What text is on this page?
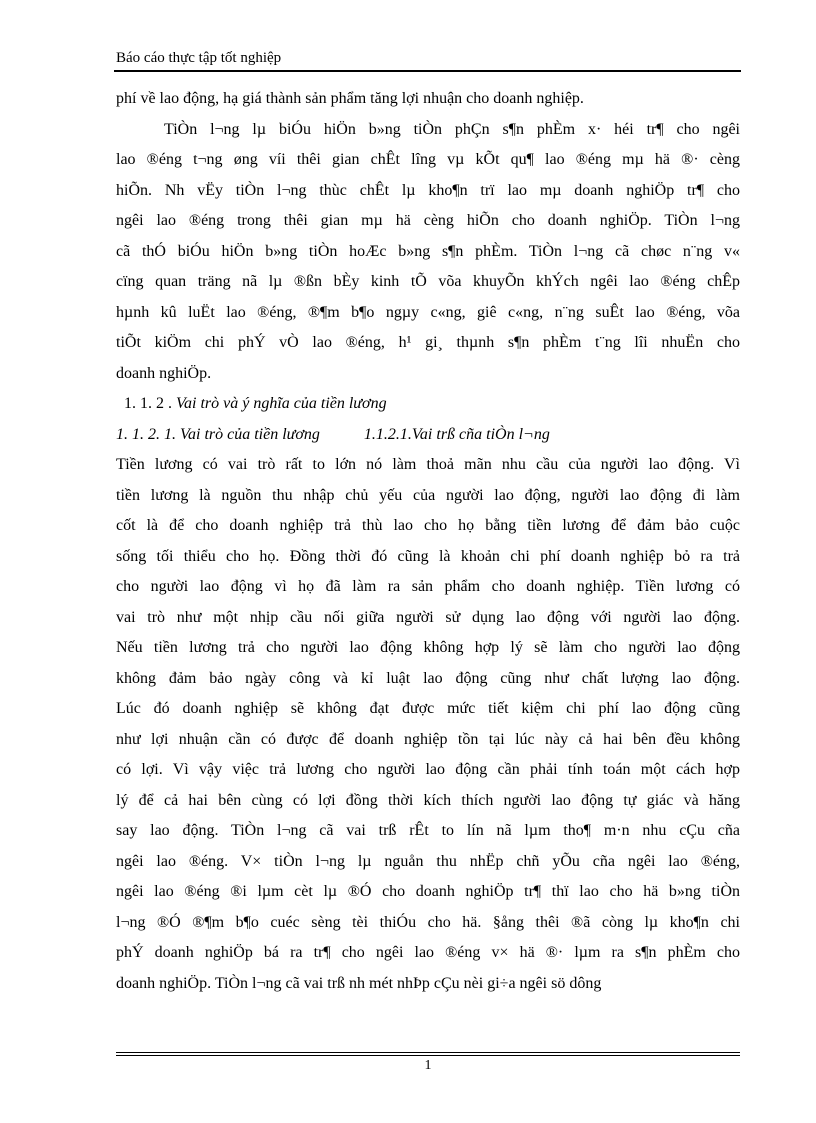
Báo cáo thực tập tốt nghiệp
phí về lao động, hạ giá thành sản phẩm tăng lợi nhuận cho doanh nghiệp.
TiÒn l¬ng lµ biÓu hiÖn b»ng tiÒn phÇn s¶n phÈm x· héi tr¶ cho ngêi
lao ®éng t¬ng øng víi thêi gian chÊt lîng vµ kÕt qu¶ lao ®éng mµ hä ®· cèng
hiÕn. Nh vËy tiÒn l¬ng thùc chÊt lµ kho¶n trï lao mµ doanh nghiÖp tr¶ cho
ngêi lao ®éng trong thêi gian mµ hä cèng hiÕn cho doanh nghiÖp. TiÒn l¬ng
cã thÓ biÓu hiÖn b»ng tiÒn hoÆc b»ng s¶n phÈm. TiÒn l¬ng cã chøc n¨ng v«
cïng quan träng nã lµ ®ßn bÈy kinh tÕ võa khuyÕn khÝch ngêi lao ®éng chÊp
hµnh kû luËt lao ®éng, ®¶m b¶o ngµy c«ng, giê c«ng, n¨ng suÊt lao ®éng, võa
tiÕt kiÖm chi phÝ vÒ lao ®éng, h¹ gi¸ thµnh s¶n phÈm t¨ng lîi nhuËn cho
doanh nghiÖp.
1. 1. 2 . Vai trò và ý nghĩa của tiền lương
1. 1. 2. 1. Vai trò của tiền lương	1.1.2.1.Vai trß cña tiÒn l¬ng
Tiền lương có vai trò rất to lớn nó làm thoả mãn nhu cầu của người lao động. Vì
tiền lương là nguồn thu nhập chủ yếu của người lao động, người lao động đi làm
cốt là để cho doanh nghiệp trả thù lao cho họ bằng tiền lương để đảm bảo cuộc
sống tối thiểu cho họ. Đồng thời đó cũng là khoản chi phí doanh nghiệp bỏ ra trả
cho người lao động vì họ đã làm ra sản phẩm cho doanh nghiệp. Tiền lương có
vai trò như một nhịp cầu nối giữa người sử dụng lao động với người lao động.
Nếu tiền lương trả cho người lao động không hợp lý sẽ làm cho người lao động
không đảm bảo ngày công và kỉ luật lao động cũng như chất lượng lao động.
Lúc đó doanh nghiệp sẽ không đạt được mức tiết kiệm chi phí lao động cũng
như lợi nhuận cần có được để doanh nghiệp tồn tại lúc này cả hai bên đều không
có lợi. Vì vậy việc trả lương cho người lao động cần phải tính toán một cách hợp
lý để cả hai bên cùng có lợi đồng thời kích thích người lao động tự giác và hăng
say lao động. TiÒn l¬ng cã vai trß rÊt to lín nã lµm tho¶ m·n nhu cÇu cña
ngêi lao ®éng. V× tiÒn l¬ng lµ nguån thu nhËp chñ yÕu cña ngêi lao ®éng,
ngêi lao ®éng ®i lµm cèt lµ ®Ó cho doanh nghiÖp tr¶ thï lao cho hä b»ng tiÒn
l¬ng ®Ó ®¶m b¶o cuéc sèng tèi thiÓu cho hä. §ång thêi ®ã còng lµ kho¶n chi
phÝ doanh nghiÖp bá ra tr¶ cho ngêi lao ®éng v× hä ®· lµm ra s¶n phÈm cho
doanh nghiÖp. TiÒn l¬ng cã vai trß nh mét nhÞp cÇu nèi gi÷a ngêi sö dông
1
